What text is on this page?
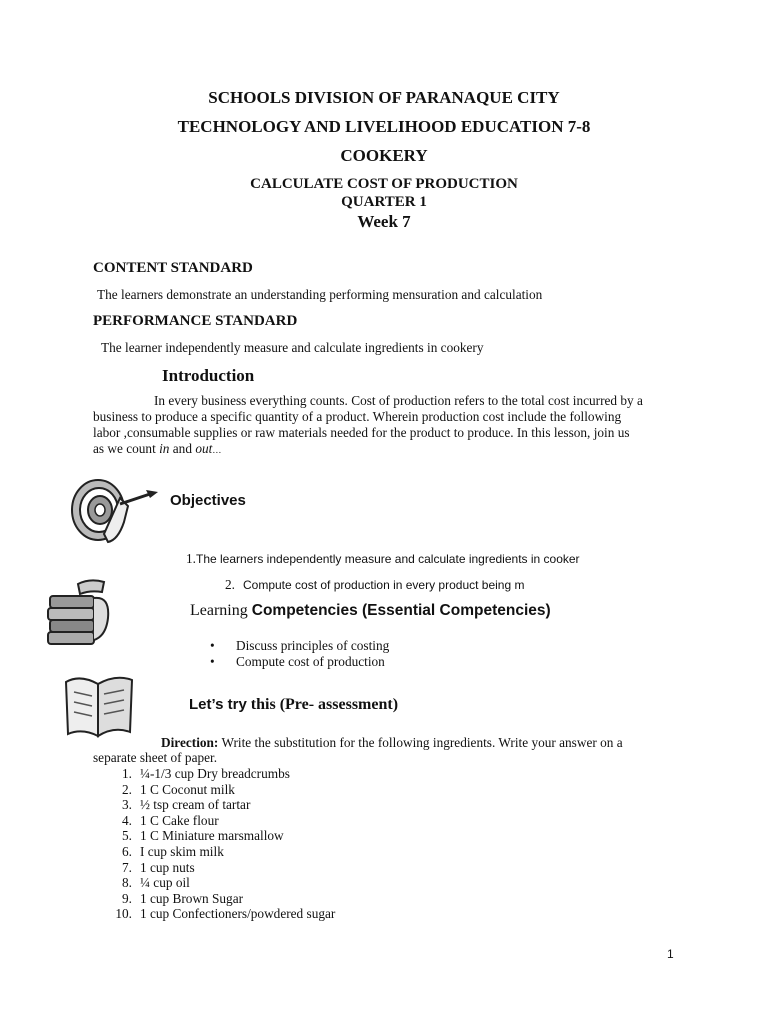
SCHOOLS DIVISION OF PARANAQUE CITY
TECHNOLOGY AND LIVELIHOOD EDUCATION 7-8
COOKERY
CALCULATE COST OF PRODUCTION
QUARTER 1
Week 7
CONTENT STANDARD
The learners demonstrate an understanding performing mensuration and calculation
PERFORMANCE STANDARD
The learner independently measure and calculate ingredients in cookery
Introduction
In every business everything counts. Cost of production refers to the total cost incurred by a
business to produce a specific quantity of a product. Wherein production cost include the following
labor ,consumable supplies or raw materials needed for the product to produce. In this lesson, join us
as we count in and out…
Objectives
1.The learners independently measure and calculate ingredients in cooker
2. Compute cost of production in every product being m
Learning Competencies (Essential Competencies)
• Discuss principles of costing
• Compute cost of production
Let’s try this (Pre- assessment)
Direction: Write the substitution for the following ingredients. Write your answer on a
separate sheet of paper.
1. ¼-1/3 cup Dry breadcrumbs
2. 1 C Coconut milk
3. ½ tsp cream of tartar
4. 1 C Cake flour
5. 1 C Miniature marsmallow
6. I cup skim milk
7. 1 cup nuts
8. ¼ cup oil
9. 1 cup Brown Sugar
10. 1 cup Confectioners/powdered sugar
1
